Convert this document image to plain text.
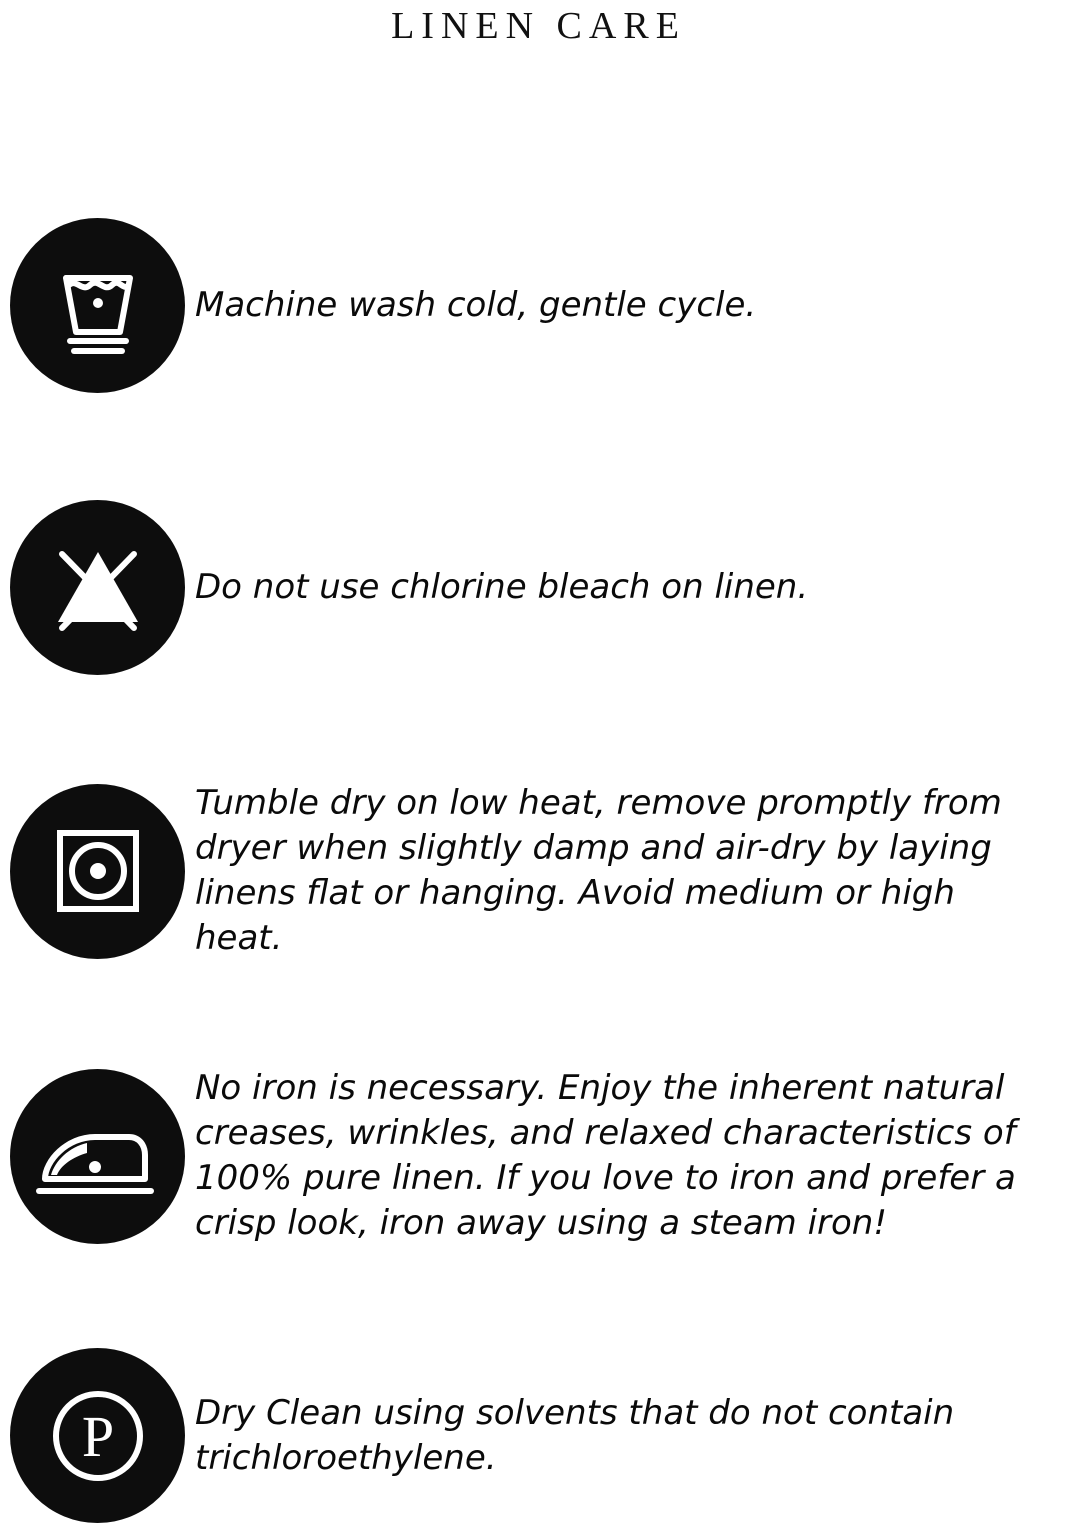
LINEN CARE

Machine wash cold, gentle cycle.

Do not use chlorine bleach on linen.

Tumble dry on low heat, remove promptly from dryer when slightly damp and air-dry by laying linens flat or hanging. Avoid medium or high heat.

No iron is necessary. Enjoy the inherent natural creases, wrinkles, and relaxed characteristics of 100% pure linen. If you love to iron and prefer a crisp look, iron away using a steam iron!

P Dry Clean using solvents that do not contain trichloroethylene.
